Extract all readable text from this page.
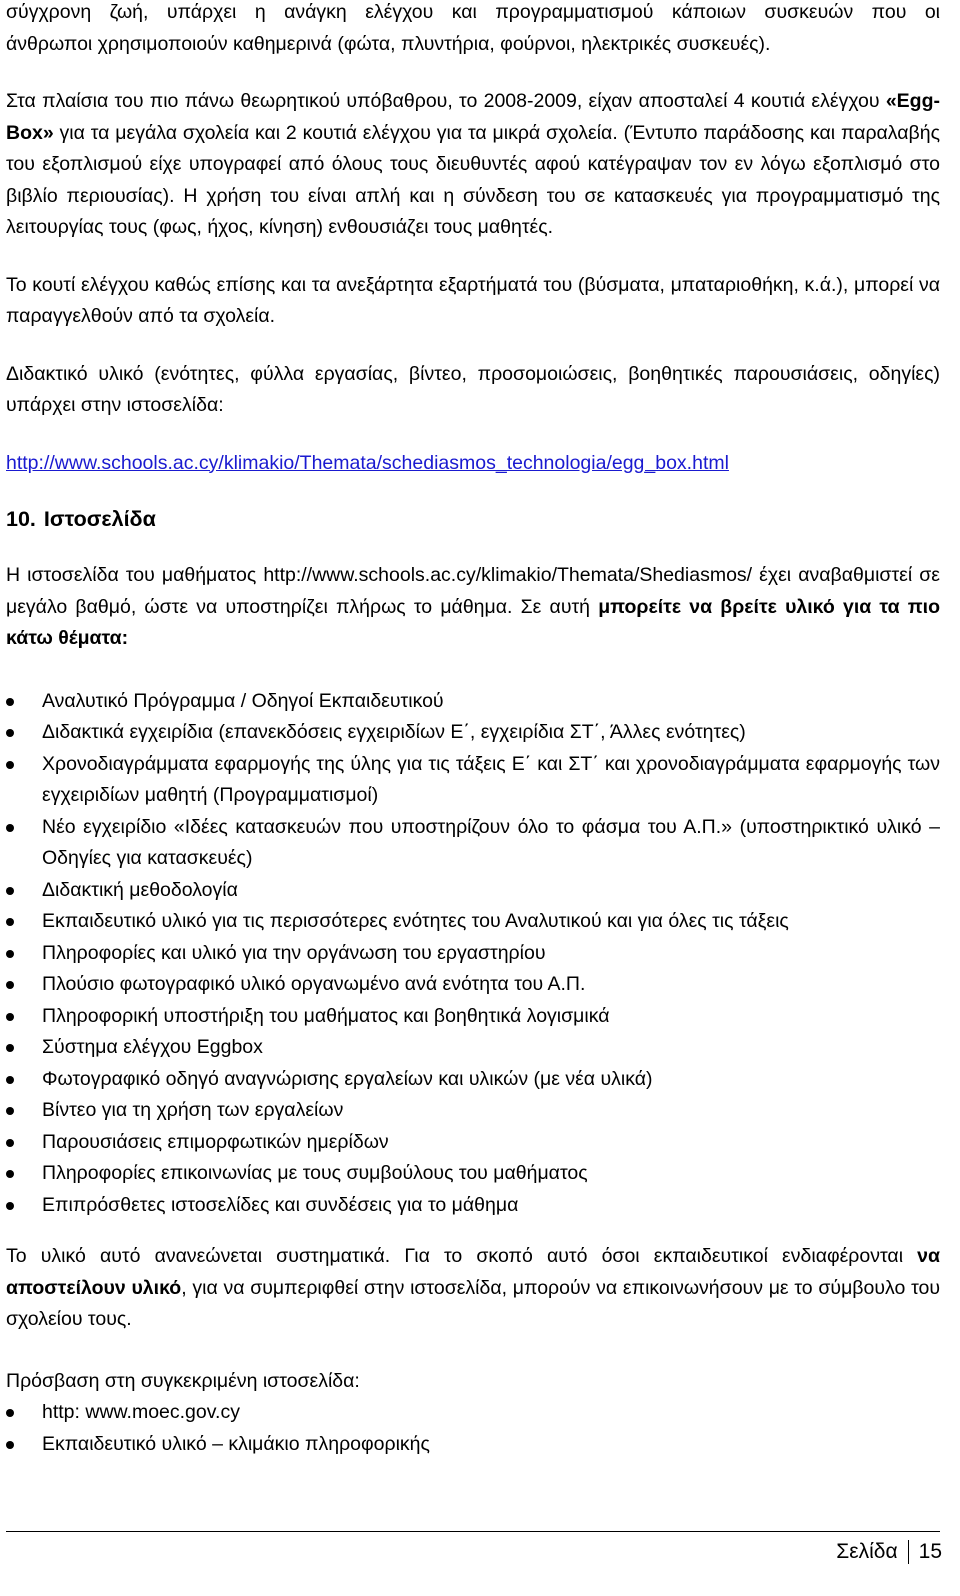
σύγχρονη ζωή, υπάρχει η ανάγκη ελέγχου και προγραμματισμού κάποιων συσκευών που οι

άνθρωποι χρησιμοποιούν καθημερινά (φώτα, πλυντήρια, φούρνοι, ηλεκτρικές συσκευές).

Στα πλαίσια του πιο πάνω θεωρητικού υπόβαθρου, το 2008-2009, είχαν αποσταλεί 4 κουτιά ελέγχου «Egg-Box» για τα μεγάλα σχολεία και 2 κουτιά ελέγχου για τα μικρά σχολεία. (Έντυπο παράδοσης και παραλαβής του εξοπλισμού είχε υπογραφεί από όλους τους διευθυντές αφού κατέγραψαν τον εν λόγω εξοπλισμό στο βιβλίο περιουσίας). Η χρήση του είναι απλή και η σύνδεση του σε κατασκευές για προγραμματισμό της λειτουργίας τους (φως, ήχος, κίνηση) ενθουσιάζει τους μαθητές.

Το κουτί ελέγχου καθώς επίσης και τα ανεξάρτητα εξαρτήματά του (βύσματα, μπαταριοθήκη, κ.ά.), μπορεί να παραγγελθούν από τα σχολεία.

Διδακτικό υλικό (ενότητες, φύλλα εργασίας, βίντεο, προσομοιώσεις, βοηθητικές παρουσιάσεις, οδηγίες) υπάρχει στην ιστοσελίδα:

http://www.schools.ac.cy/klimakio/Themata/schediasmos_technologia/egg_box.html

10. Ιστοσελίδα

Η ιστοσελίδα του μαθήματος http://www.schools.ac.cy/klimakio/Themata/Shediasmos/ έχει αναβαθμιστεί σε μεγάλο βαθμό, ώστε να υποστηρίζει πλήρως το μάθημα. Σε αυτή μπορείτε να βρείτε υλικό για τα πιο κάτω θέματα:

Αναλυτικό Πρόγραμμα / Οδηγοί Εκπαιδευτικού
Διδακτικά εγχειρίδια (επανεκδόσεις εγχειριδίων Ε΄, εγχειρίδια ΣΤ΄, Άλλες ενότητες)
Χρονοδιαγράμματα εφαρμογής της ύλης για τις τάξεις Ε΄ και ΣΤ΄ και χρονοδιαγράμματα εφαρμογής των εγχειριδίων μαθητή (Προγραμματισμοί)
Νέο εγχειρίδιο «Ιδέες κατασκευών που υποστηρίζουν όλο το φάσμα του Α.Π.» (υποστηρικτικό υλικό – Οδηγίες για κατασκευές)
Διδακτική μεθοδολογία
Εκπαιδευτικό υλικό για τις περισσότερες ενότητες του Αναλυτικού και για όλες τις τάξεις
Πληροφορίες και υλικό για την οργάνωση του εργαστηρίου
Πλούσιο φωτογραφικό υλικό οργανωμένο ανά ενότητα του Α.Π.
Πληροφορική υποστήριξη του μαθήματος και βοηθητικά λογισμικά
Σύστημα ελέγχου Eggbox
Φωτογραφικό οδηγό αναγνώρισης εργαλείων και υλικών (με νέα υλικά)
Βίντεο για τη χρήση των εργαλείων
Παρουσιάσεις επιμορφωτικών ημερίδων
Πληροφορίες επικοινωνίας με τους συμβούλους του μαθήματος
Επιπρόσθετες ιστοσελίδες και συνδέσεις για το μάθημα

Το υλικό αυτό ανανεώνεται συστηματικά. Για το σκοπό αυτό όσοι εκπαιδευτικοί ενδιαφέρονται να αποστείλουν υλικό, για να συμπεριφθεί στην ιστοσελίδα, μπορούν να επικοινωνήσουν με το σύμβουλο του σχολείου τους.

Πρόσβαση στη συγκεκριμένη ιστοσελίδα:

http: www.moec.gov.cy
Εκπαιδευτικό υλικό – κλιμάκιο πληροφορικής
Σελίδα 15
